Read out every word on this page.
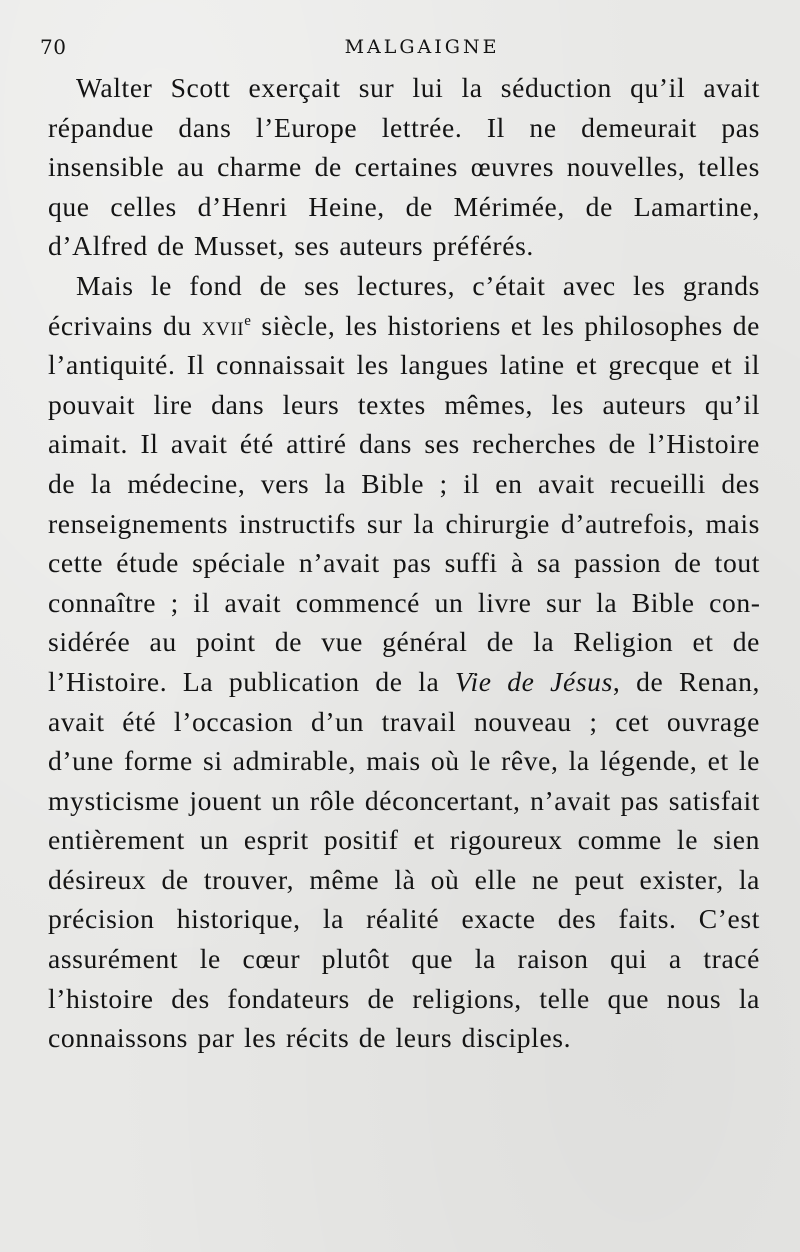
70	MALGAIGNE

Walter Scott exerçait sur lui la séduction qu’il avait répandue dans l’Europe lettrée. Il ne demeurait pas insensible au charme de certaines œuvres nouvelles, telles que celles d’Henri Heine, de Mérimée, de Lamartine, d’Alfred de Musset, ses auteurs préférés.

Mais le fond de ses lectures, c’était avec les grands écrivains du xvii$^e$ siècle, les historiens et les philosophes de l’antiquité. Il connaissait les langues latine et grecque et il pouvait lire dans leurs textes mêmes, les auteurs qu’il aimait. Il avait été attiré dans ses recherches de l’Histoire de la médecine, vers la Bible ; il en avait recueilli des renseignements instructifs sur la chirurgie d’autrefois, mais cette étude spéciale n’avait pas suffi à sa passion de tout connaître ; il avait commencé un livre sur la Bible considérée au point de vue général de la Religion et de l’Histoire. La publication de la Vie de Jésus, de Renan, avait été l’occasion d’un travail nouveau ; cet ouvrage d’une forme si admirable, mais où le rêve, la légende, et le mysticisme jouent un rôle déconcertant, n’avait pas satisfait entièrement un esprit positif et rigoureux comme le sien désireux de trouver, même là où elle ne peut exister, la précision historique, la réalité exacte des faits. C’est assurément le cœur plutôt que la raison qui a tracé l’histoire des fondateurs de religions, telle que nous la connaissons par les récits de leurs disciples.
